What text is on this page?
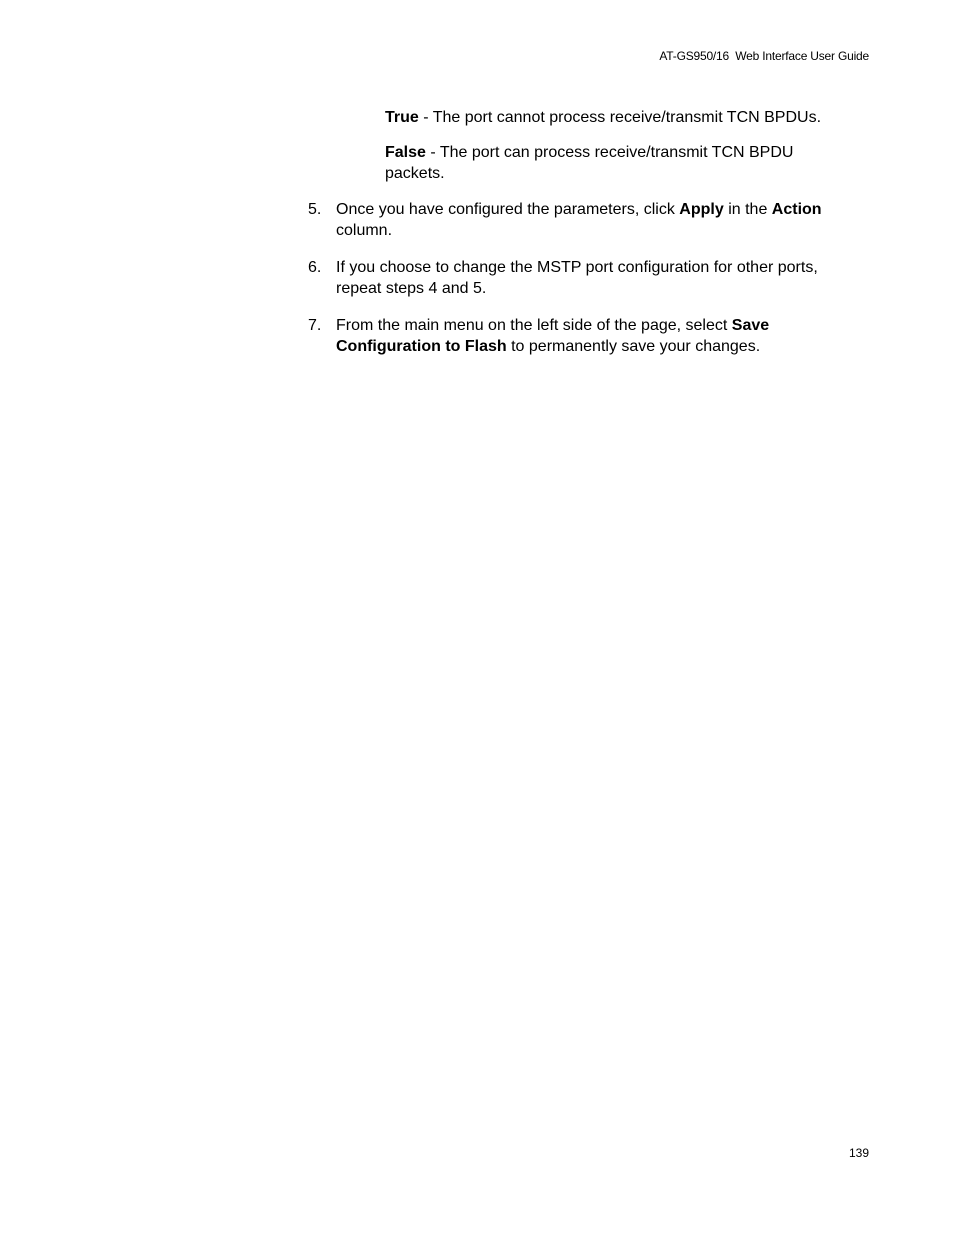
AT-GS950/16  Web Interface User Guide
True - The port cannot process receive/transmit TCN BPDUs.
False - The port can process receive/transmit TCN BPDU packets.
5. Once you have configured the parameters, click Apply in the Action column.
6. If you choose to change the MSTP port configuration for other ports, repeat steps 4 and 5.
7. From the main menu on the left side of the page, select Save Configuration to Flash to permanently save your changes.
139
